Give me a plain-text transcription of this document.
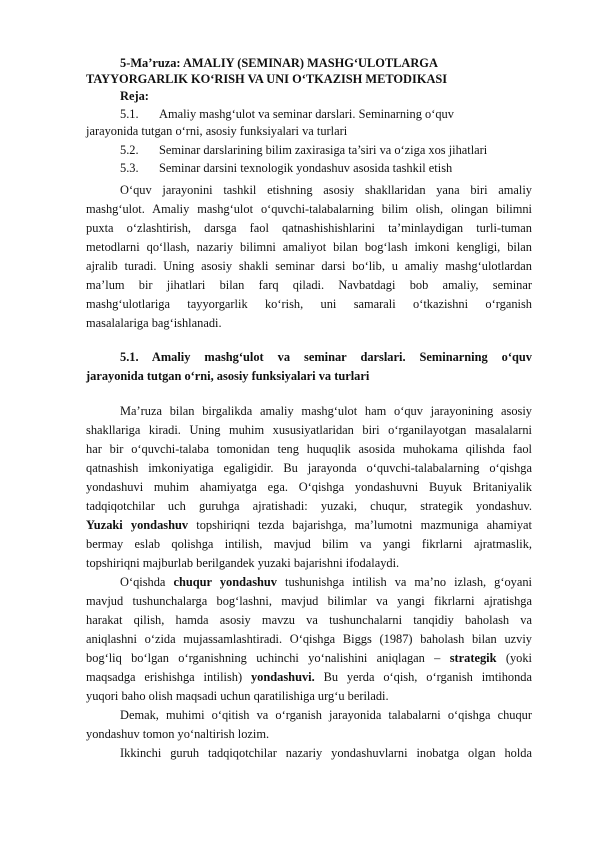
5-Ma’ruza: AMALIY (SEMINAR) MASHG‘ULOTLARGA
TAYYORGARLIK KO‘RISH VA UNI O‘TKAZISH METODIKASI
Reja:
5.1. Amaliy mashg‘ulot va seminar darslari. Seminarning o‘quv
jarayonida tutgan o‘rni, asosiy funksiyalari va turlari
5.2. Seminar darslarining bilim zaxirasiga ta’siri va o‘ziga xos jihatlari
5.3. Seminar darsini texnologik yondashuv asosida tashkil etish
O‘quv jarayonini tashkil etishning asosiy shakllaridan yana biri amaliy
mashg‘ulot. Amaliy mashg‘ulot o‘quvchi-talabalarning bilim olish, olingan bilimni
puxta o‘zlashtirish, darsga faol qatnashishishlarini ta’minlaydigan turli-tuman
metodlarni qo‘llash, nazariy bilimni amaliyot bilan bog‘lash imkoni kengligi, bilan
ajralib turadi. Uning asosiy shakli seminar darsi bo‘lib, u amaliy mashg‘ulotlardan
ma’lum bir jihatlari bilan farq qiladi. Navbatdagi bob amaliy, seminar
mashg‘ulotlariga tayyorgarlik ko‘rish, uni samarali o‘tkazishni o‘rganish
masalalariga bag‘ishlanadi.
5.1. Amaliy mashg‘ulot va seminar darslari. Seminarning o‘quv
jarayonida tutgan o‘rni, asosiy funksiyalari va turlari
Ma’ruza bilan birgalikda amaliy mashg‘ulot ham o‘quv jarayonining asosiy
shakllariga kiradi. Uning muhim xususiyatlaridan biri o‘rganilayotgan masalalarni
har bir o‘quvchi-talaba tomonidan teng huquqlik asosida muhokama qilishda faol
qatnashish imkoniyatiga egaligidir. Bu jarayonda o‘quvchi-talabalarning o‘qishga
yondashuvi muhim ahamiyatga ega. O‘qishga yondashuvni Buyuk Britaniyalik
tadqiqotchilar uch guruhga ajratishadi: yuzaki, chuqur, strategik yondashuv.
Yuzaki yondashuv topshiriqni tezda bajarishga, ma’lumotni mazmuniga ahamiyat
bermay eslab qolishga intilish, mavjud bilim va yangi fikrlarni ajratmaslik,
topshiriqni majburlab berilgandek yuzaki bajarishni ifodalaydi.
O‘qishda chuqur yondashuv tushunishga intilish va ma’no izlash, g‘oyani
mavjud tushunchalarga bog‘lashni, mavjud bilimlar va yangi fikrlarni ajratishga
harakat qilish, hamda asosiy mavzu va tushunchalarni tanqidiy baholash va
aniqlashni o‘zida mujassamlashtiradi. O‘qishga Biggs (1987) baholash bilan uzviy
bog‘liq bo‘lgan o‘rganishning uchinchi yo‘nalishini aniqlagan – strategik (yoki
maqsadga erishishga intilish) yondashuvi. Bu yerda o‘qish, o‘rganish imtihonda
yuqori baho olish maqsadi uchun qaratilishiga urg‘u beriladi.
Demak, muhimi o‘qitish va o‘rganish jarayonida talabalarni o‘qishga chuqur
yondashuv tomon yo‘naltirish lozim.
Ikkinchi guruh tadqiqotchilar nazariy yondashuvlarni inobatga olgan holda
